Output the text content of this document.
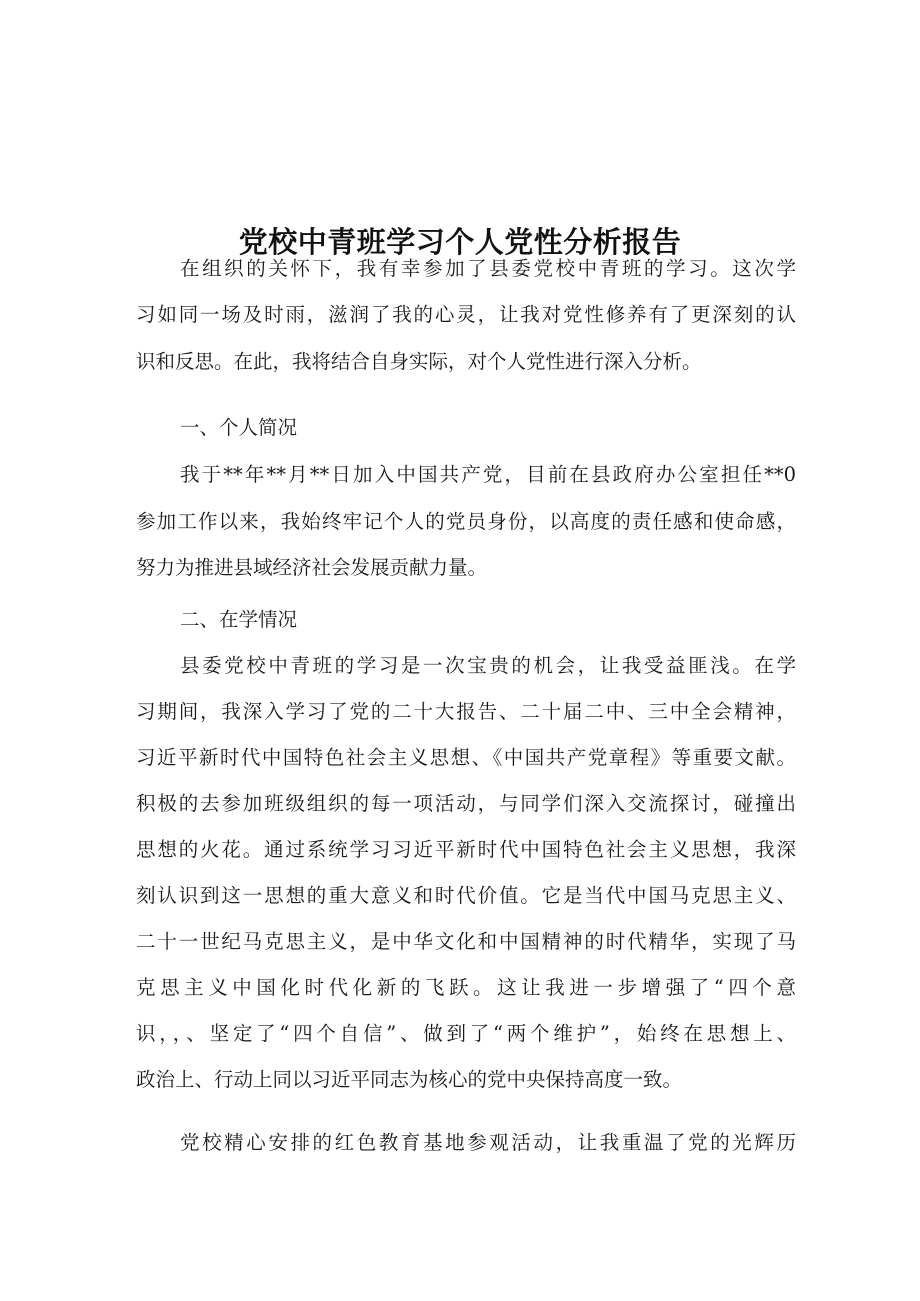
党校中青班学习个人党性分析报告

在组织的关怀下，我有幸参加了县委党校中青班的学习。这次学

习如同一场及时雨，滋润了我的心灵，让我对党性修养有了更深刻的认

识和反思。在此，我将结合自身实际，对个人党性进行深入分析。

一、个人简况

我于**年**月**日加入中国共产党，目前在县政府办公室担任**0

参加工作以来，我始终牢记个人的党员身份，以高度的责任感和使命感，

努力为推进县域经济社会发展贡献力量。

二、在学情况

县委党校中青班的学习是一次宝贵的机会，让我受益匪浅。在学

习期间，我深入学习了党的二十大报告、二十届二中、三中全会精神，

习近平新时代中国特色社会主义思想、《中国共产党章程》等重要文献。

积极的去参加班级组织的每一项活动，与同学们深入交流探讨，碰撞出

思想的火花。通过系统学习习近平新时代中国特色社会主义思想，我深

刻认识到这一思想的重大意义和时代价值。它是当代中国马克思主义、

二十一世纪马克思主义，是中华文化和中国精神的时代精华，实现了马

克思主义中国化时代化新的飞跃。这让我进一步增强了“四个意

识，，、坚定了“四个自信”、做到了“两个维护”，始终在思想上、

政治上、行动上同以习近平同志为核心的党中央保持高度一致。

党校精心安排的红色教育基地参观活动，让我重温了党的光辉历
